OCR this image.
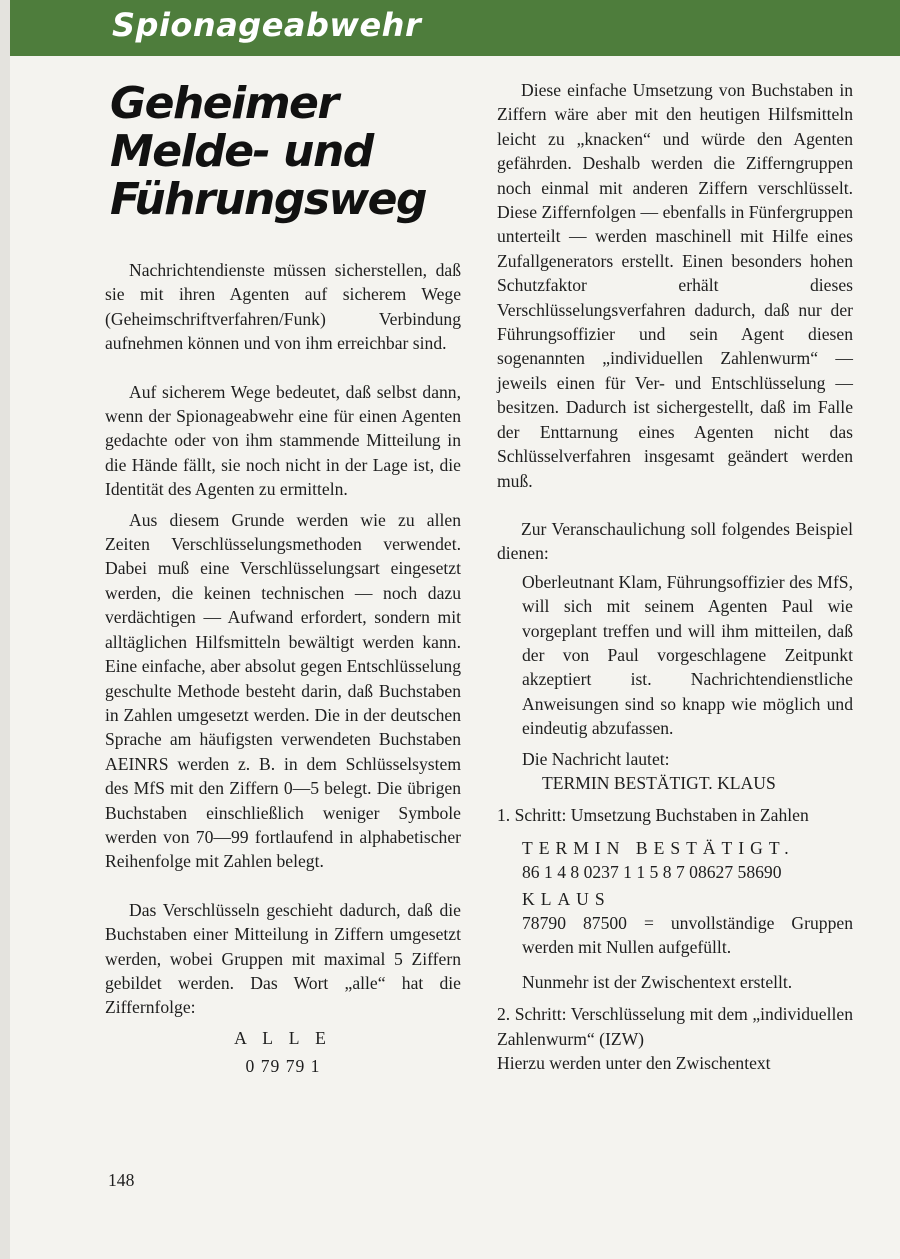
Spionageabwehr
Geheimer
Melde- und
Führungsweg

Nachrichtendienste müssen sicherstellen, daß sie mit ihren Agenten auf sicherem Wege (Geheimschriftverfahren/Funk) Verbindung aufnehmen können und von ihm erreichbar sind.

Auf sicherem Wege bedeutet, daß selbst dann, wenn der Spionageabwehr eine für einen Agenten gedachte oder von ihm stammende Mitteilung in die Hände fällt, sie noch nicht in der Lage ist, die Identität des Agenten zu ermitteln.

Aus diesem Grunde werden wie zu allen Zeiten Verschlüsselungsmethoden verwendet. Dabei muß eine Verschlüsselungsart eingesetzt werden, die keinen technischen — noch dazu verdächtigen — Aufwand erfordert, sondern mit alltäglichen Hilfsmitteln bewältigt werden kann. Eine einfache, aber absolut gegen Entschlüsselung geschulte Methode besteht darin, daß Buchstaben in Zahlen umgesetzt werden. Die in der deutschen Sprache am häufigsten verwendeten Buchstaben AEINRS werden z. B. in dem Schlüsselsystem des MfS mit den Ziffern 0—5 belegt. Die übrigen Buchstaben einschließlich weniger Symbole werden von 70—99 fortlaufend in alphabetischer Reihenfolge mit Zahlen belegt.

Das Verschlüsseln geschieht dadurch, daß die Buchstaben einer Mitteilung in Ziffern umgesetzt werden, wobei Gruppen mit maximal 5 Ziffern gebildet werden. Das Wort „alle“ hat die Ziffernfolge:

A L L E

0 79 79 1

Diese einfache Umsetzung von Buchstaben in Ziffern wäre aber mit den heutigen Hilfsmitteln leicht zu „knacken“ und würde den Agenten gefährden. Deshalb werden die Zifferngruppen noch einmal mit anderen Ziffern verschlüsselt. Diese Ziffernfolgen — ebenfalls in Fünfergruppen unterteilt — werden maschinell mit Hilfe eines Zufallgenerators erstellt. Einen besonders hohen Schutzfaktor erhält dieses Verschlüsselungsverfahren dadurch, daß nur der Führungsoffizier und sein Agent diesen sogenannten „individuellen Zahlenwurm“ — jeweils einen für Ver- und Entschlüsselung — besitzen. Dadurch ist sichergestellt, daß im Falle der Enttarnung eines Agenten nicht das Schlüsselverfahren insgesamt geändert werden muß.

Zur Veranschaulichung soll folgendes Beispiel dienen:

Oberleutnant Klam, Führungsoffizier des MfS, will sich mit seinem Agenten Paul wie vorgeplant treffen und will ihm mitteilen, daß der von Paul vorgeschlagene Zeitpunkt akzeptiert ist. Nachrichtendienstliche Anweisungen sind so knapp wie möglich und eindeutig abzufassen.

Die Nachricht lautet:

TERMIN BESTÄTIGT. KLAUS

1. Schritt: Umsetzung Buchstaben in Zahlen

TERMIN BESTÄTIGT.

86 1 4 8 0237 1 1 5 8 7 08627 58690

KLAUS

78790 87500 = unvollständige Gruppen werden mit Nullen aufgefüllt.

Nunmehr ist der Zwischentext erstellt.

2. Schritt: Verschlüsselung mit dem „individuellen Zahlenwurm“ (IZW)

Hierzu werden unter den Zwischentext

148
